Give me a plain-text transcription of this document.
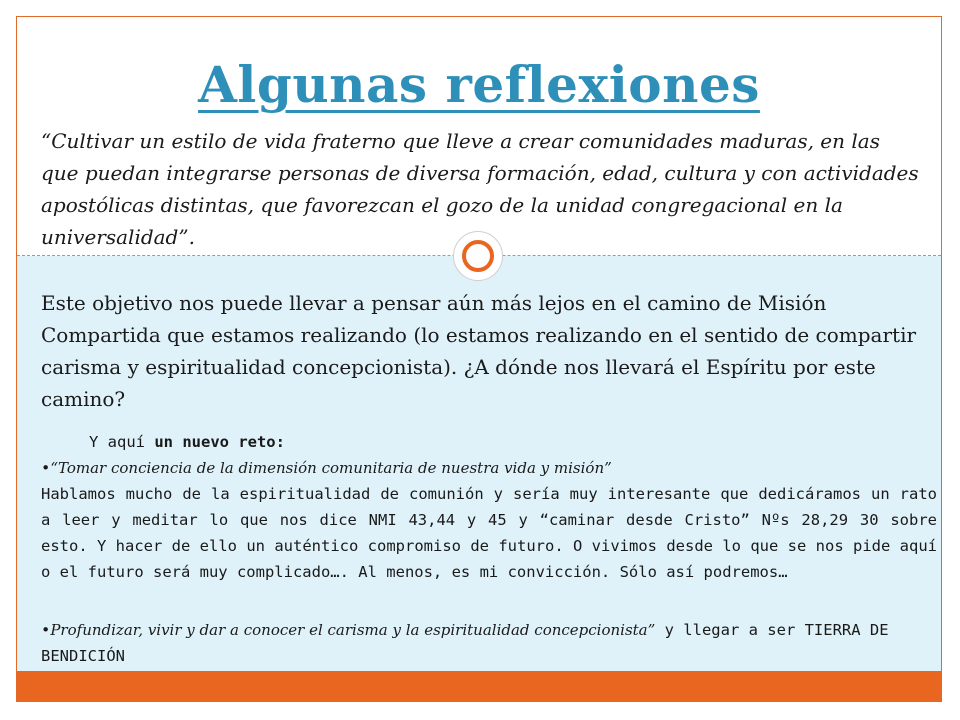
Algunas reflexiones
“Cultivar un estilo de vida fraterno que lleve a crear comunidades maduras, en las que puedan integrarse personas de diversa formación, edad, cultura y con actividades apostólicas distintas, que favorezcan el gozo de la unidad congregacional en la universalidad”.
Este objetivo nos puede llevar a pensar aún más lejos en el camino de Misión Compartida que estamos realizando (lo estamos realizando en el sentido de compartir carisma y espiritualidad concepcionista). ¿A dónde nos llevará el Espíritu por este camino?
Y aquí un nuevo reto:
•“Tomar conciencia de la dimensión comunitaria de nuestra vida y misión”
Hablamos mucho de la espiritualidad de comunión y sería muy interesante que dedicáramos un rato a leer y meditar lo que nos dice NMI 43,44 y 45 y “caminar desde Cristo” Nºs 28,29 30 sobre esto. Y hacer de ello un auténtico compromiso de futuro. O vivimos desde lo que se nos pide aquí o el futuro será muy complicado…. Al menos, es mi convicción. Sólo así podremos…
•Profundizar, vivir y dar a conocer el carisma y la espiritualidad concepcionista” y llegar a ser TIERRA DE BENDICIÓN
